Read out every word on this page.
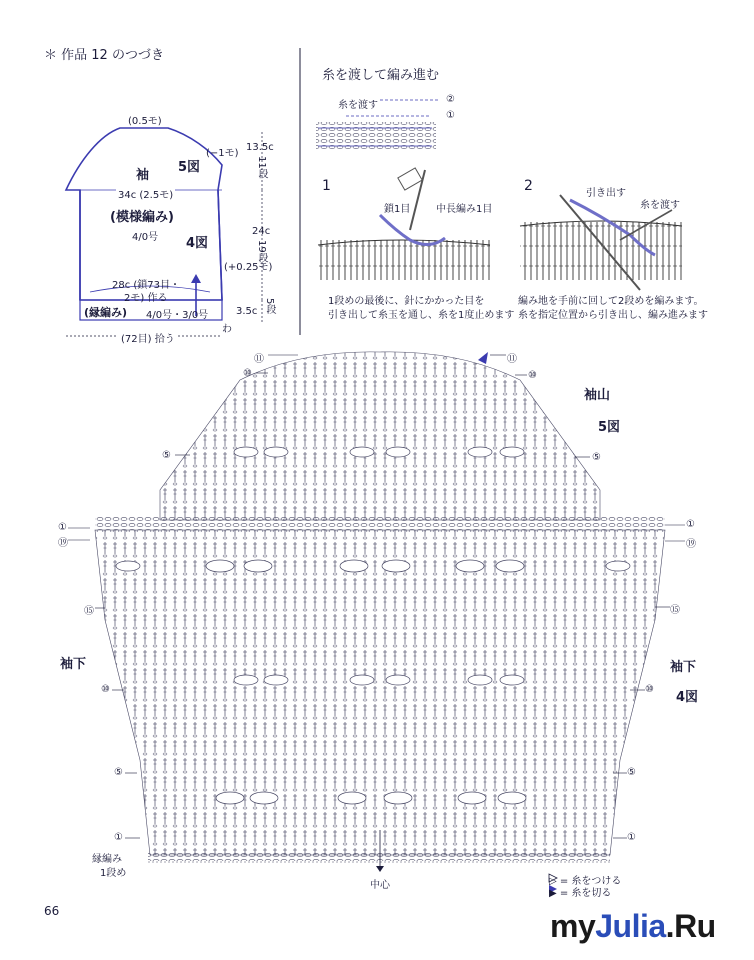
＊ 作品 12 のつづき
(0.5モ)
(−1モ)
袖
5図
34c (2.5モ)
(模様編み)
4/0号 4図
(+0.25モ)
28c (鎖73目・
2モ) 作る
(縁編み) 4/0号・3/0号
わ
(72目) 拾う
13.5c
11段
24c
19段
3.5c 5段
糸を渡して編み進む
糸を渡す
②
①
1	2
鎖1目	中長編み1目
引き出す
糸を渡す
1段めの最後に、針にかかった目を
引き出して糸玉を通し、糸を1度止めます
編み地を手前に回して2段めを編みます。
糸を指定位置から引き出し、編み進みます
袖山
5図
袖下	袖下
4図
縁編み
1段め
中心
⑪	⑪
⑩	⑩
⑤	⑤
①	①
⑲	⑲
⑮	⑮
⑩	⑩
⑤	⑤
①	①
▷ = 糸をつける
▶ = 糸を切る
66	myJulia.Ru
